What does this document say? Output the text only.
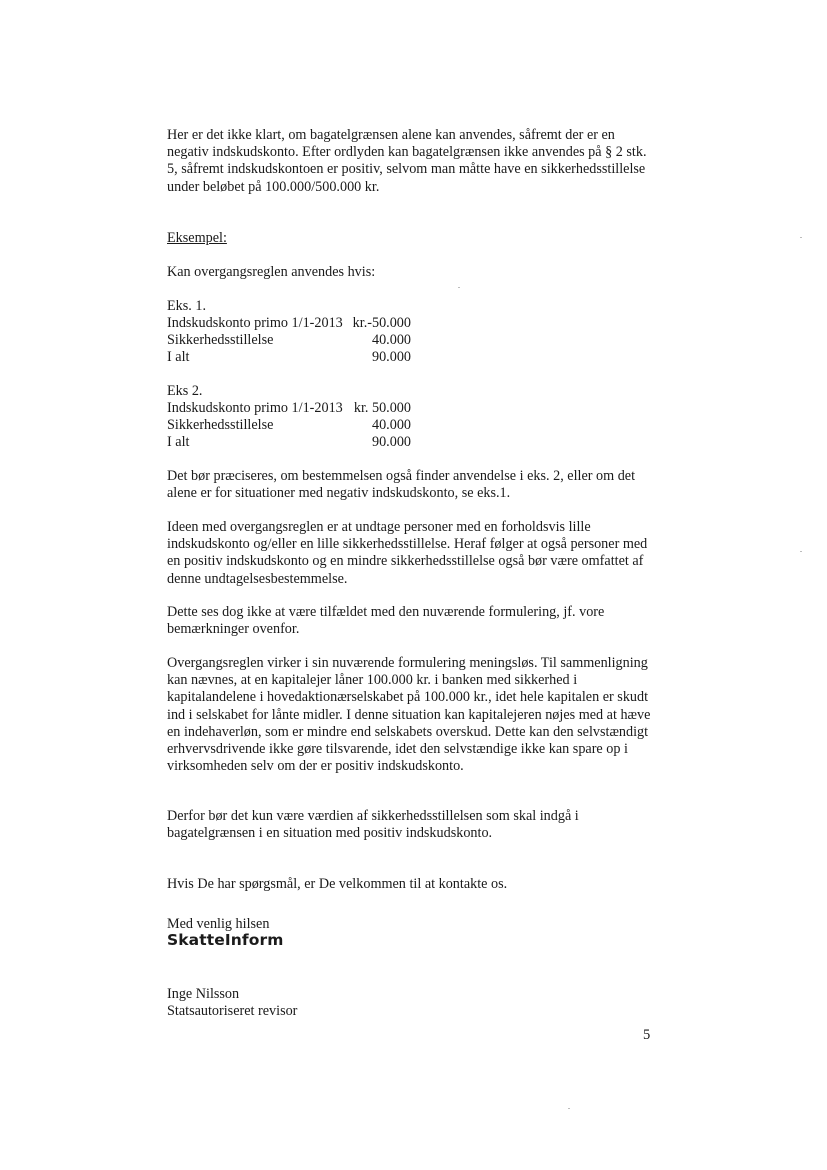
Her er det ikke klart, om bagatelgrænsen alene kan anvendes, såfremt der er en negativ indskudskonto. Efter ordlyden kan bagatelgrænsen ikke anvendes på § 2 stk. 5, såfremt indskudskontoen er positiv, selvom man måtte have en sikkerhedsstillelse under beløbet på 100.000/500.000 kr.

Eksempel:

Kan overgangsreglen anvendes hvis:

Eks. 1.

Indskudskonto primo 1/1-2013 kr.-50.000
Sikkerhedsstillelse	40.000
I alt	90.000

Eks 2.

Indskudskonto primo 1/1-2013 kr. 50.000
Sikkerhedsstillelse	40.000
I alt	90.000

Det bør præciseres, om bestemmelsen også finder anvendelse i eks. 2, eller om det alene er for situationer med negativ indskudskonto, se eks.1.

Ideen med overgangsreglen er at undtage personer med en forholdsvis lille indskudskonto og/eller en lille sikkerhedsstillelse. Heraf følger at også personer med en positiv indskudskonto og en mindre sikkerhedsstillelse også bør være omfattet af denne undtagelsesbestemmelse.

Dette ses dog ikke at være tilfældet med den nuværende formulering, jf. vore bemærkninger ovenfor.

Overgangsreglen virker i sin nuværende formulering meningsløs. Til sammenligning kan nævnes, at en kapitalejer låner 100.000 kr. i banken med sikkerhed i kapitalandelene i hovedaktionærselskabet på 100.000 kr., idet hele kapitalen er skudt ind i selskabet for lånte midler. I denne situation kan kapitalejeren nøjes med at hæve en indehaverløn, som er mindre end selskabets overskud. Dette kan den selvstændigt erhvervsdrivende ikke gøre tilsvarende, idet den selvstændige ikke kan spare op i virksomheden selv om der er positiv indskudskonto.

Derfor bør det kun være værdien af sikkerhedsstillelsen som skal indgå i bagatelgrænsen i en situation med positiv indskudskonto.

Hvis De har spørgsmål, er De velkommen til at kontakte os.

Med venlig hilsen

SkatteInform

Inge Nilsson

Statsautoriseret revisor

5
